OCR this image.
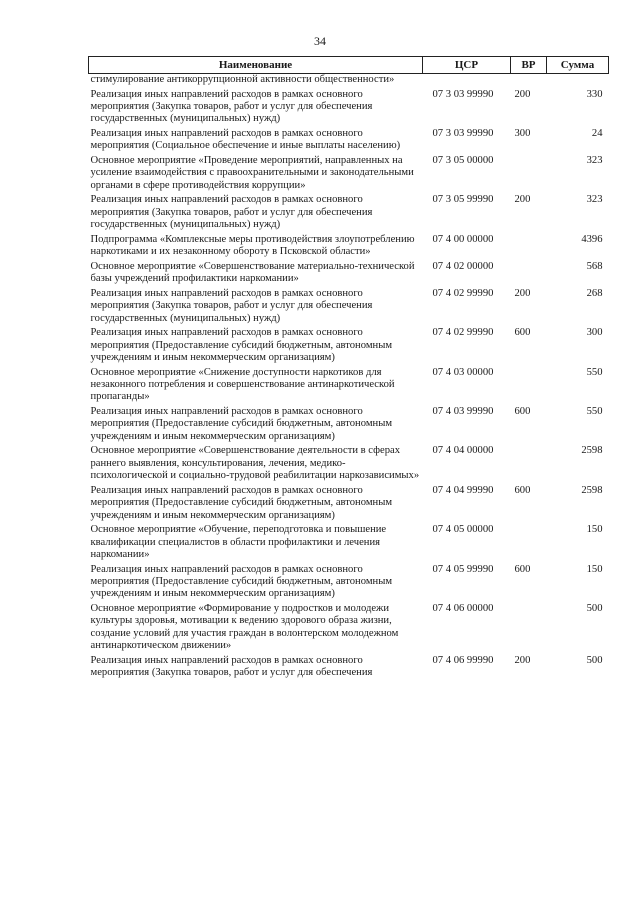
34
Наименование	ЦСР	ВР	Сумма
стимулирование антикоррупционной активности общественности»			
Реализация иных направлений расходов в рамках основного мероприятия (Закупка товаров, работ и услуг для обеспечения государственных (муниципальных) нужд)	07 3 03 99990	200	330
Реализация иных направлений расходов в рамках основного мероприятия (Социальное обеспечение и иные выплаты населению)	07 3 03 99990	300	24
Основное мероприятие «Проведение мероприятий, направленных на усиление взаимодействия с правоохранительными и законодательными органами в сфере противодействия коррупции»	07 3 05 00000		323
Реализация иных направлений расходов в рамках основного мероприятия (Закупка товаров, работ и услуг для обеспечения государственных (муниципальных) нужд)	07 3 05 99990	200	323
Подпрограмма «Комплексные меры противодействия злоупотреблению наркотиками и их незаконному обороту в Псковской области»	07 4 00 00000		4396
Основное мероприятие «Совершенствование материально-технической базы учреждений профилактики наркомании»	07 4 02 00000		568
Реализация иных направлений расходов в рамках основного мероприятия (Закупка товаров, работ и услуг для обеспечения государственных (муниципальных) нужд)	07 4 02 99990	200	268
Реализация иных направлений расходов в рамках основного мероприятия (Предоставление субсидий бюджетным, автономным учреждениям и иным некоммерческим организациям)	07 4 02 99990	600	300
Основное мероприятие «Снижение доступности наркотиков для незаконного потребления и совершенствование антинаркотической пропаганды»	07 4 03 00000		550
Реализация иных направлений расходов в рамках основного мероприятия (Предоставление субсидий бюджетным, автономным учреждениям и иным некоммерческим организациям)	07 4 03 99990	600	550
Основное мероприятие «Совершенствование деятельности в сферах раннего выявления, консультирования, лечения, медико-психологической и социально-трудовой реабилитации наркозависимых»	07 4 04 00000		2598
Реализация иных направлений расходов в рамках основного мероприятия (Предоставление субсидий бюджетным, автономным учреждениям и иным некоммерческим организациям)	07 4 04 99990	600	2598
Основное мероприятие «Обучение, переподготовка и повышение квалификации специалистов в области профилактики и лечения наркомании»	07 4 05 00000		150
Реализация иных направлений расходов в рамках основного мероприятия (Предоставление субсидий бюджетным, автономным учреждениям и иным некоммерческим организациям)	07 4 05 99990	600	150
Основное мероприятие «Формирование у подростков и молодежи культуры здоровья, мотивации к ведению здорового образа жизни, создание условий для участия граждан в волонтерском молодежном антинаркотическом движении»	07 4 06 00000		500
Реализация иных направлений расходов в рамках основного мероприятия (Закупка товаров, работ и услуг для обеспечения	07 4 06 99990	200	500
